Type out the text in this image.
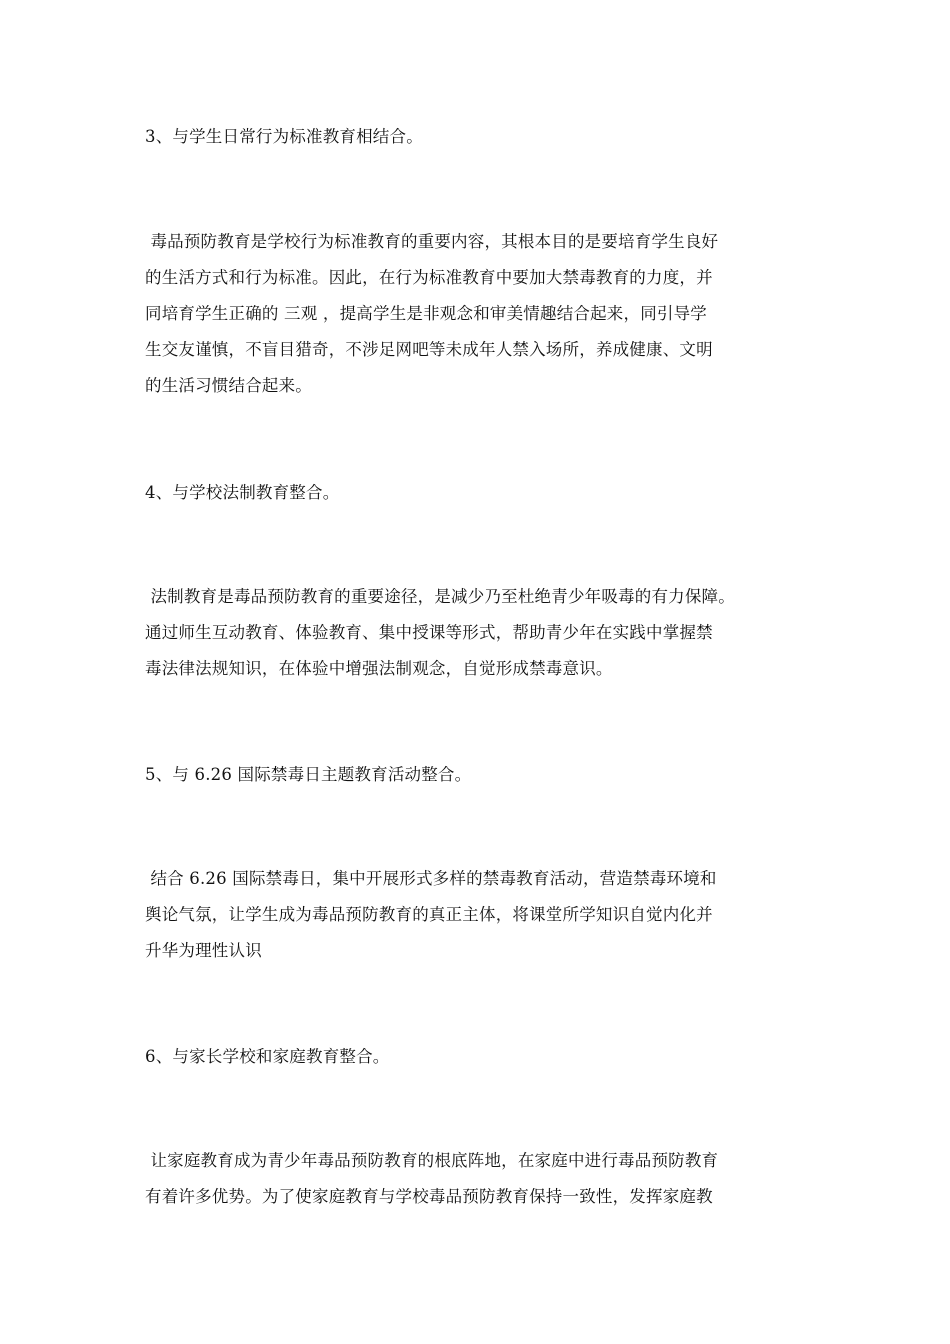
3、与学生日常行为标准教育相结合。
毒品预防教育是学校行为标准教育的重要内容，其根本目的是要培育学生良好
的生活方式和行为标准。因此，在行为标准教育中要加大禁毒教育的力度，并
同培育学生正确的 三观 ，提高学生是非观念和审美情趣结合起来，同引导学
生交友谨慎，不盲目猎奇，不涉足网吧等未成年人禁入场所，养成健康、文明
的生活习惯结合起来。
4、与学校法制教育整合。
法制教育是毒品预防教育的重要途径，是减少乃至杜绝青少年吸毒的有力保障。
通过师生互动教育、体验教育、集中授课等形式，帮助青少年在实践中掌握禁
毒法律法规知识，在体验中增强法制观念，自觉形成禁毒意识。
5、与 6.26 国际禁毒日主题教育活动整合。
结合 6.26 国际禁毒日，集中开展形式多样的禁毒教育活动，营造禁毒环境和
舆论气氛，让学生成为毒品预防教育的真正主体，将课堂所学知识自觉内化并
升华为理性认识
6、与家长学校和家庭教育整合。
让家庭教育成为青少年毒品预防教育的根底阵地，在家庭中进行毒品预防教育
有着许多优势。为了使家庭教育与学校毒品预防教育保持一致性，发挥家庭教
